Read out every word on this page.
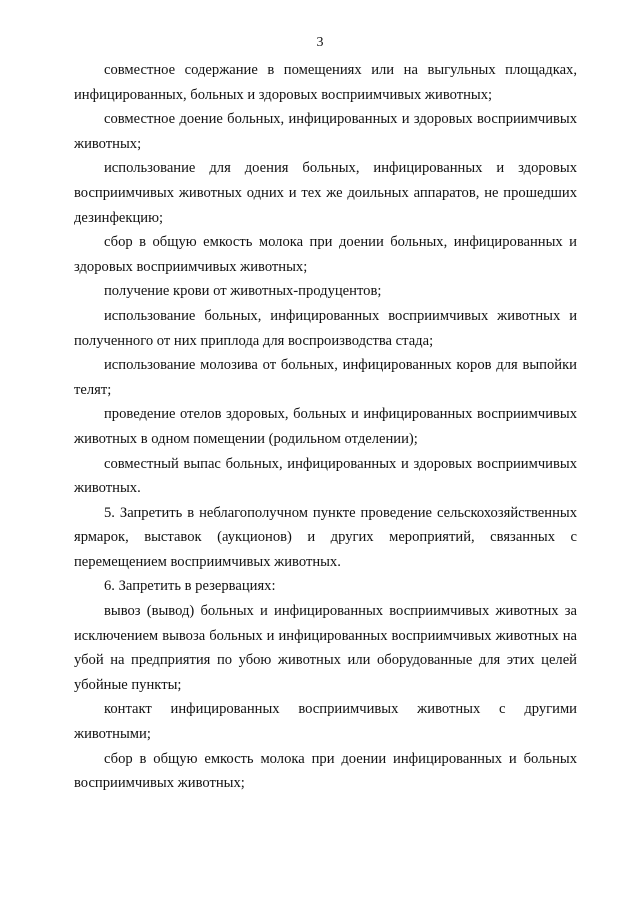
3

совместное содержание в помещениях или на выгульных площадках, инфицированных, больных и здоровых восприимчивых животных;

совместное доение больных, инфицированных и здоровых восприимчивых животных;

использование для доения больных, инфицированных и здоровых восприимчивых животных одних и тех же доильных аппаратов, не прошедших дезинфекцию;

сбор в общую емкость молока при доении больных, инфицированных и здоровых восприимчивых животных;

получение крови от животных-продуцентов;

использование больных, инфицированных восприимчивых животных и полученного от них приплода для воспроизводства стада;

использование молозива от больных, инфицированных коров для выпойки телят;

проведение отелов здоровых, больных и инфицированных восприимчивых животных в одном помещении (родильном отделении);

совместный выпас больных, инфицированных и здоровых восприимчивых животных.

5. Запретить в неблагополучном пункте проведение сельскохозяйственных ярмарок, выставок (аукционов) и других мероприятий, связанных с перемещением восприимчивых животных.

6. Запретить в резервациях:

вывоз (вывод) больных и инфицированных восприимчивых животных за исключением вывоза больных и инфицированных восприимчивых животных на убой на предприятия по убою животных или оборудованные для этих целей убойные пункты;

контакт инфицированных восприимчивых животных с другими животными;

сбор в общую емкость молока при доении инфицированных и больных восприимчивых животных;
